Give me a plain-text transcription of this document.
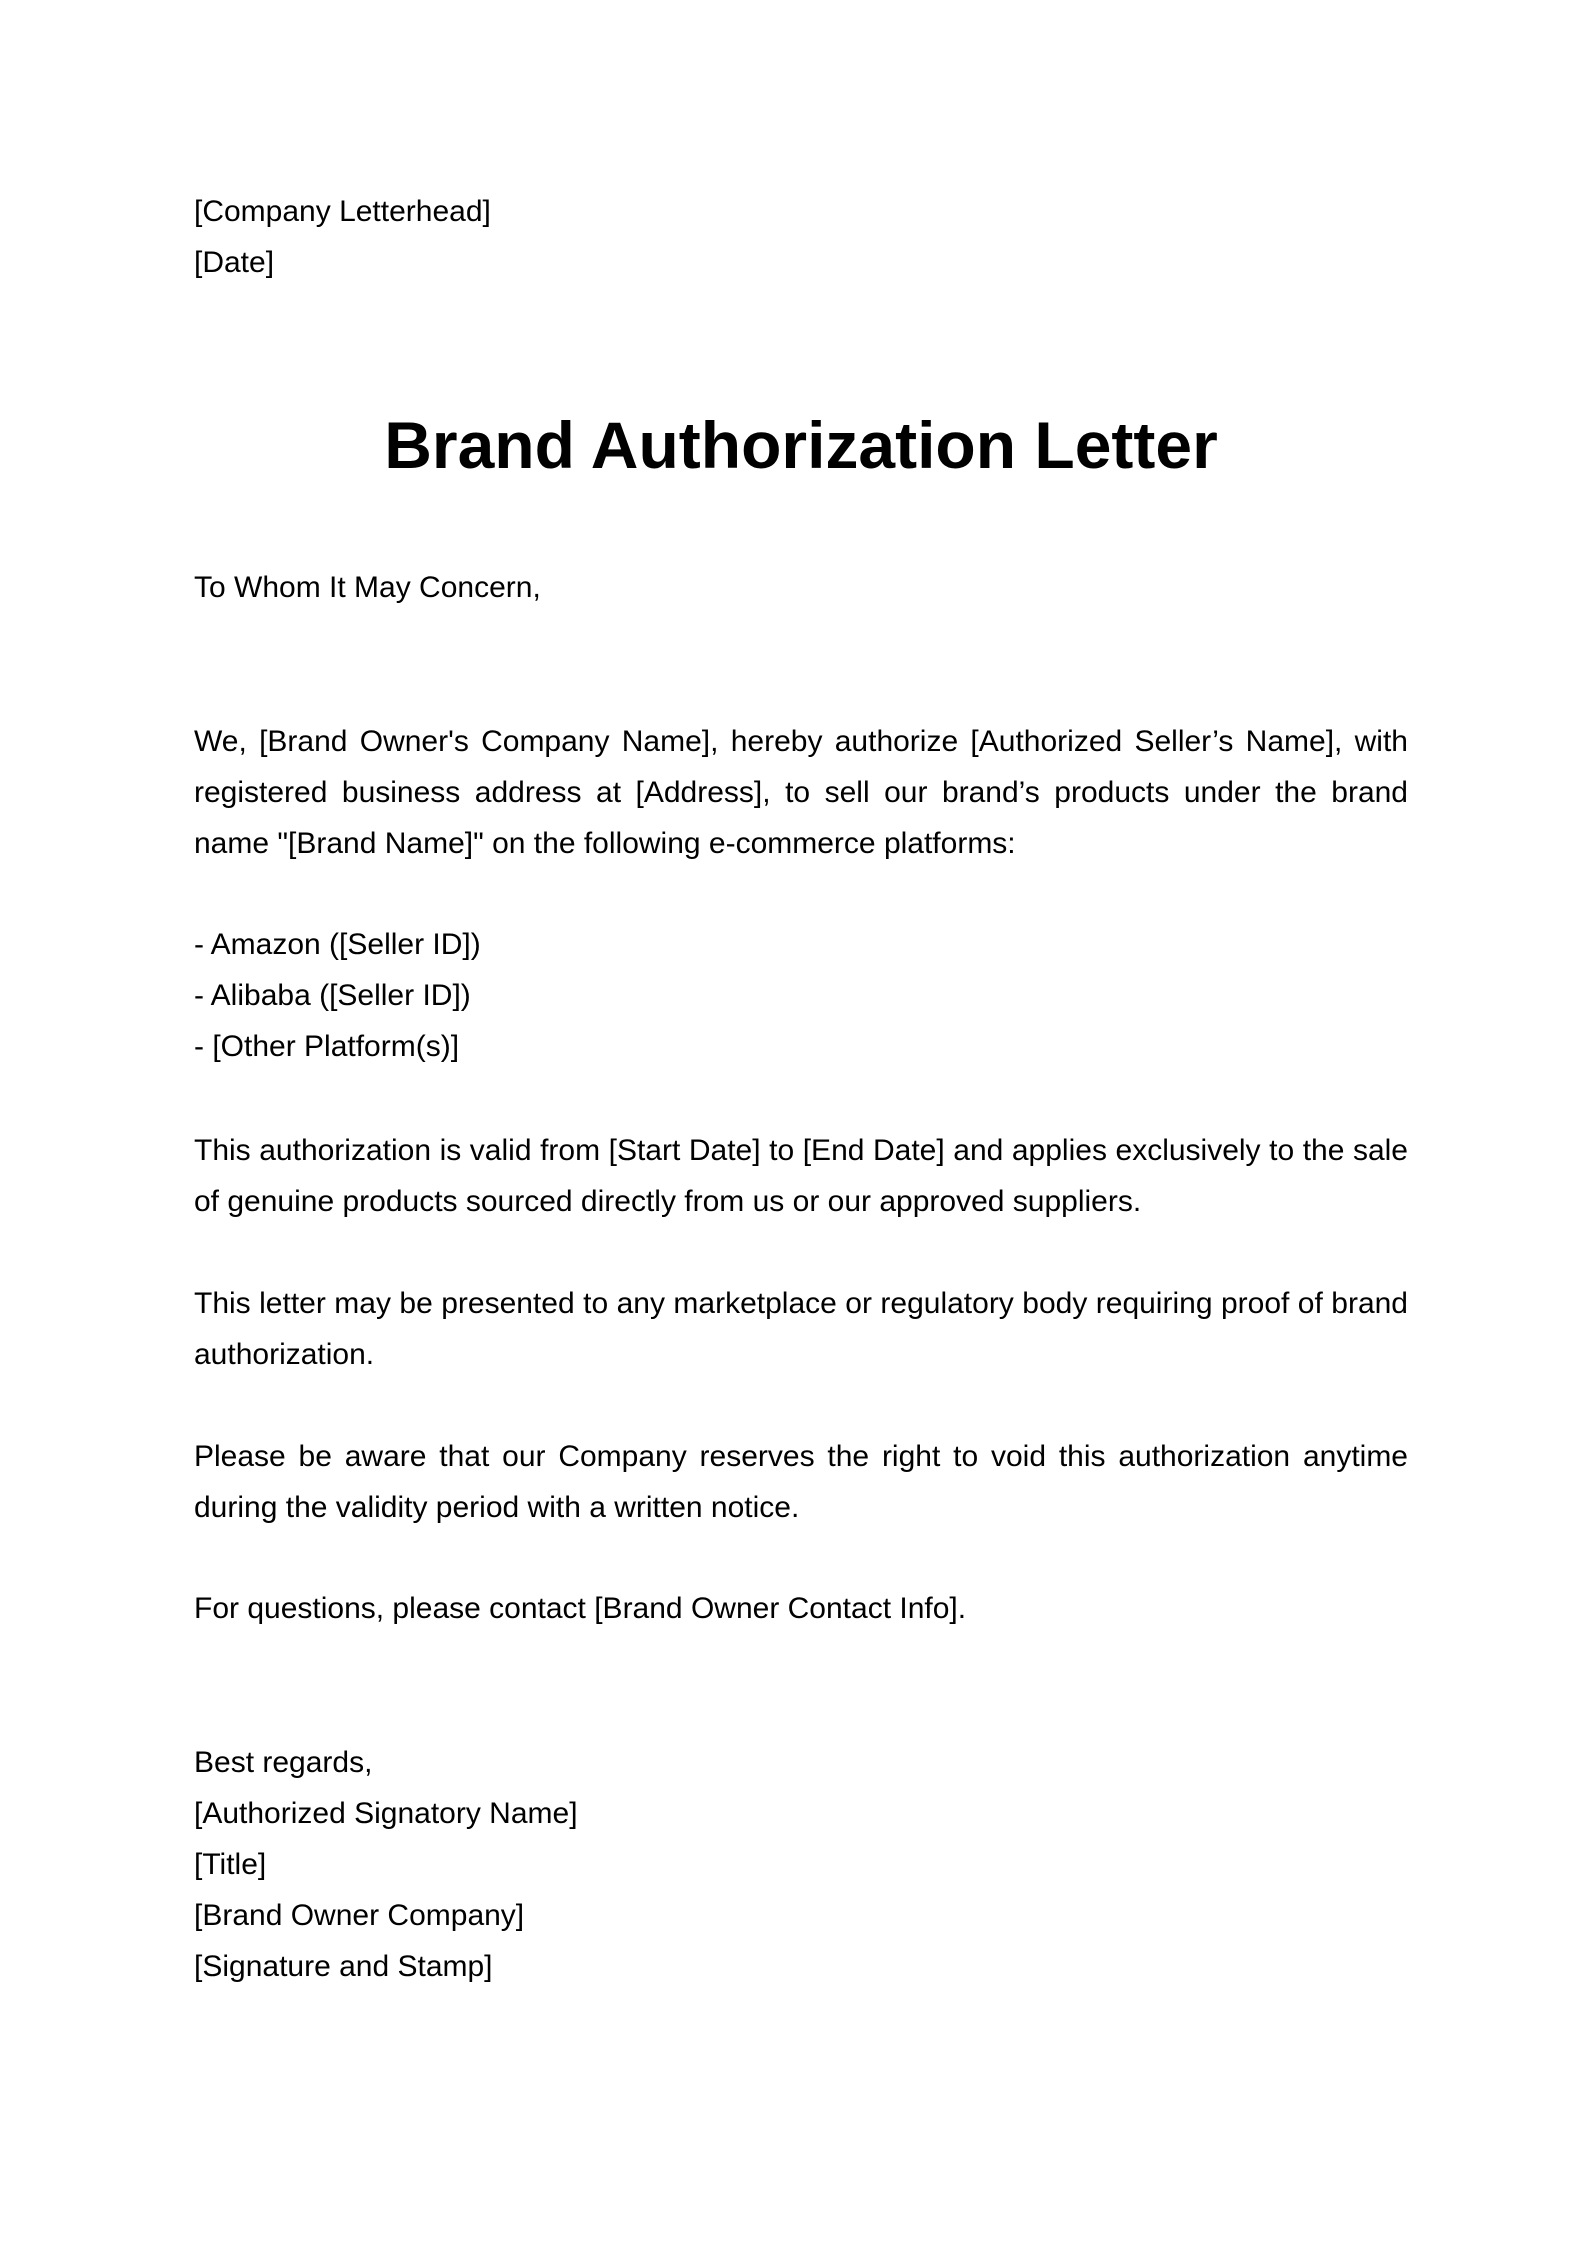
[Company Letterhead]
[Date]
Brand Authorization Letter
To Whom It May Concern,
We, [Brand Owner's Company Name], hereby authorize [Authorized Seller’s Name], with registered business address at [Address], to sell our brand’s products under the brand name "[Brand Name]" on the following e-commerce platforms:
- Amazon ([Seller ID])
- Alibaba ([Seller ID])
- [Other Platform(s)]
This authorization is valid from [Start Date] to [End Date] and applies exclusively to the sale of genuine products sourced directly from us or our approved suppliers.
This letter may be presented to any marketplace or regulatory body requiring proof of brand authorization.
Please be aware that our Company reserves the right to void this authorization anytime during the validity period with a written notice.
For questions, please contact [Brand Owner Contact Info].
Best regards,
[Authorized Signatory Name]
[Title]
[Brand Owner Company]
[Signature and Stamp]
